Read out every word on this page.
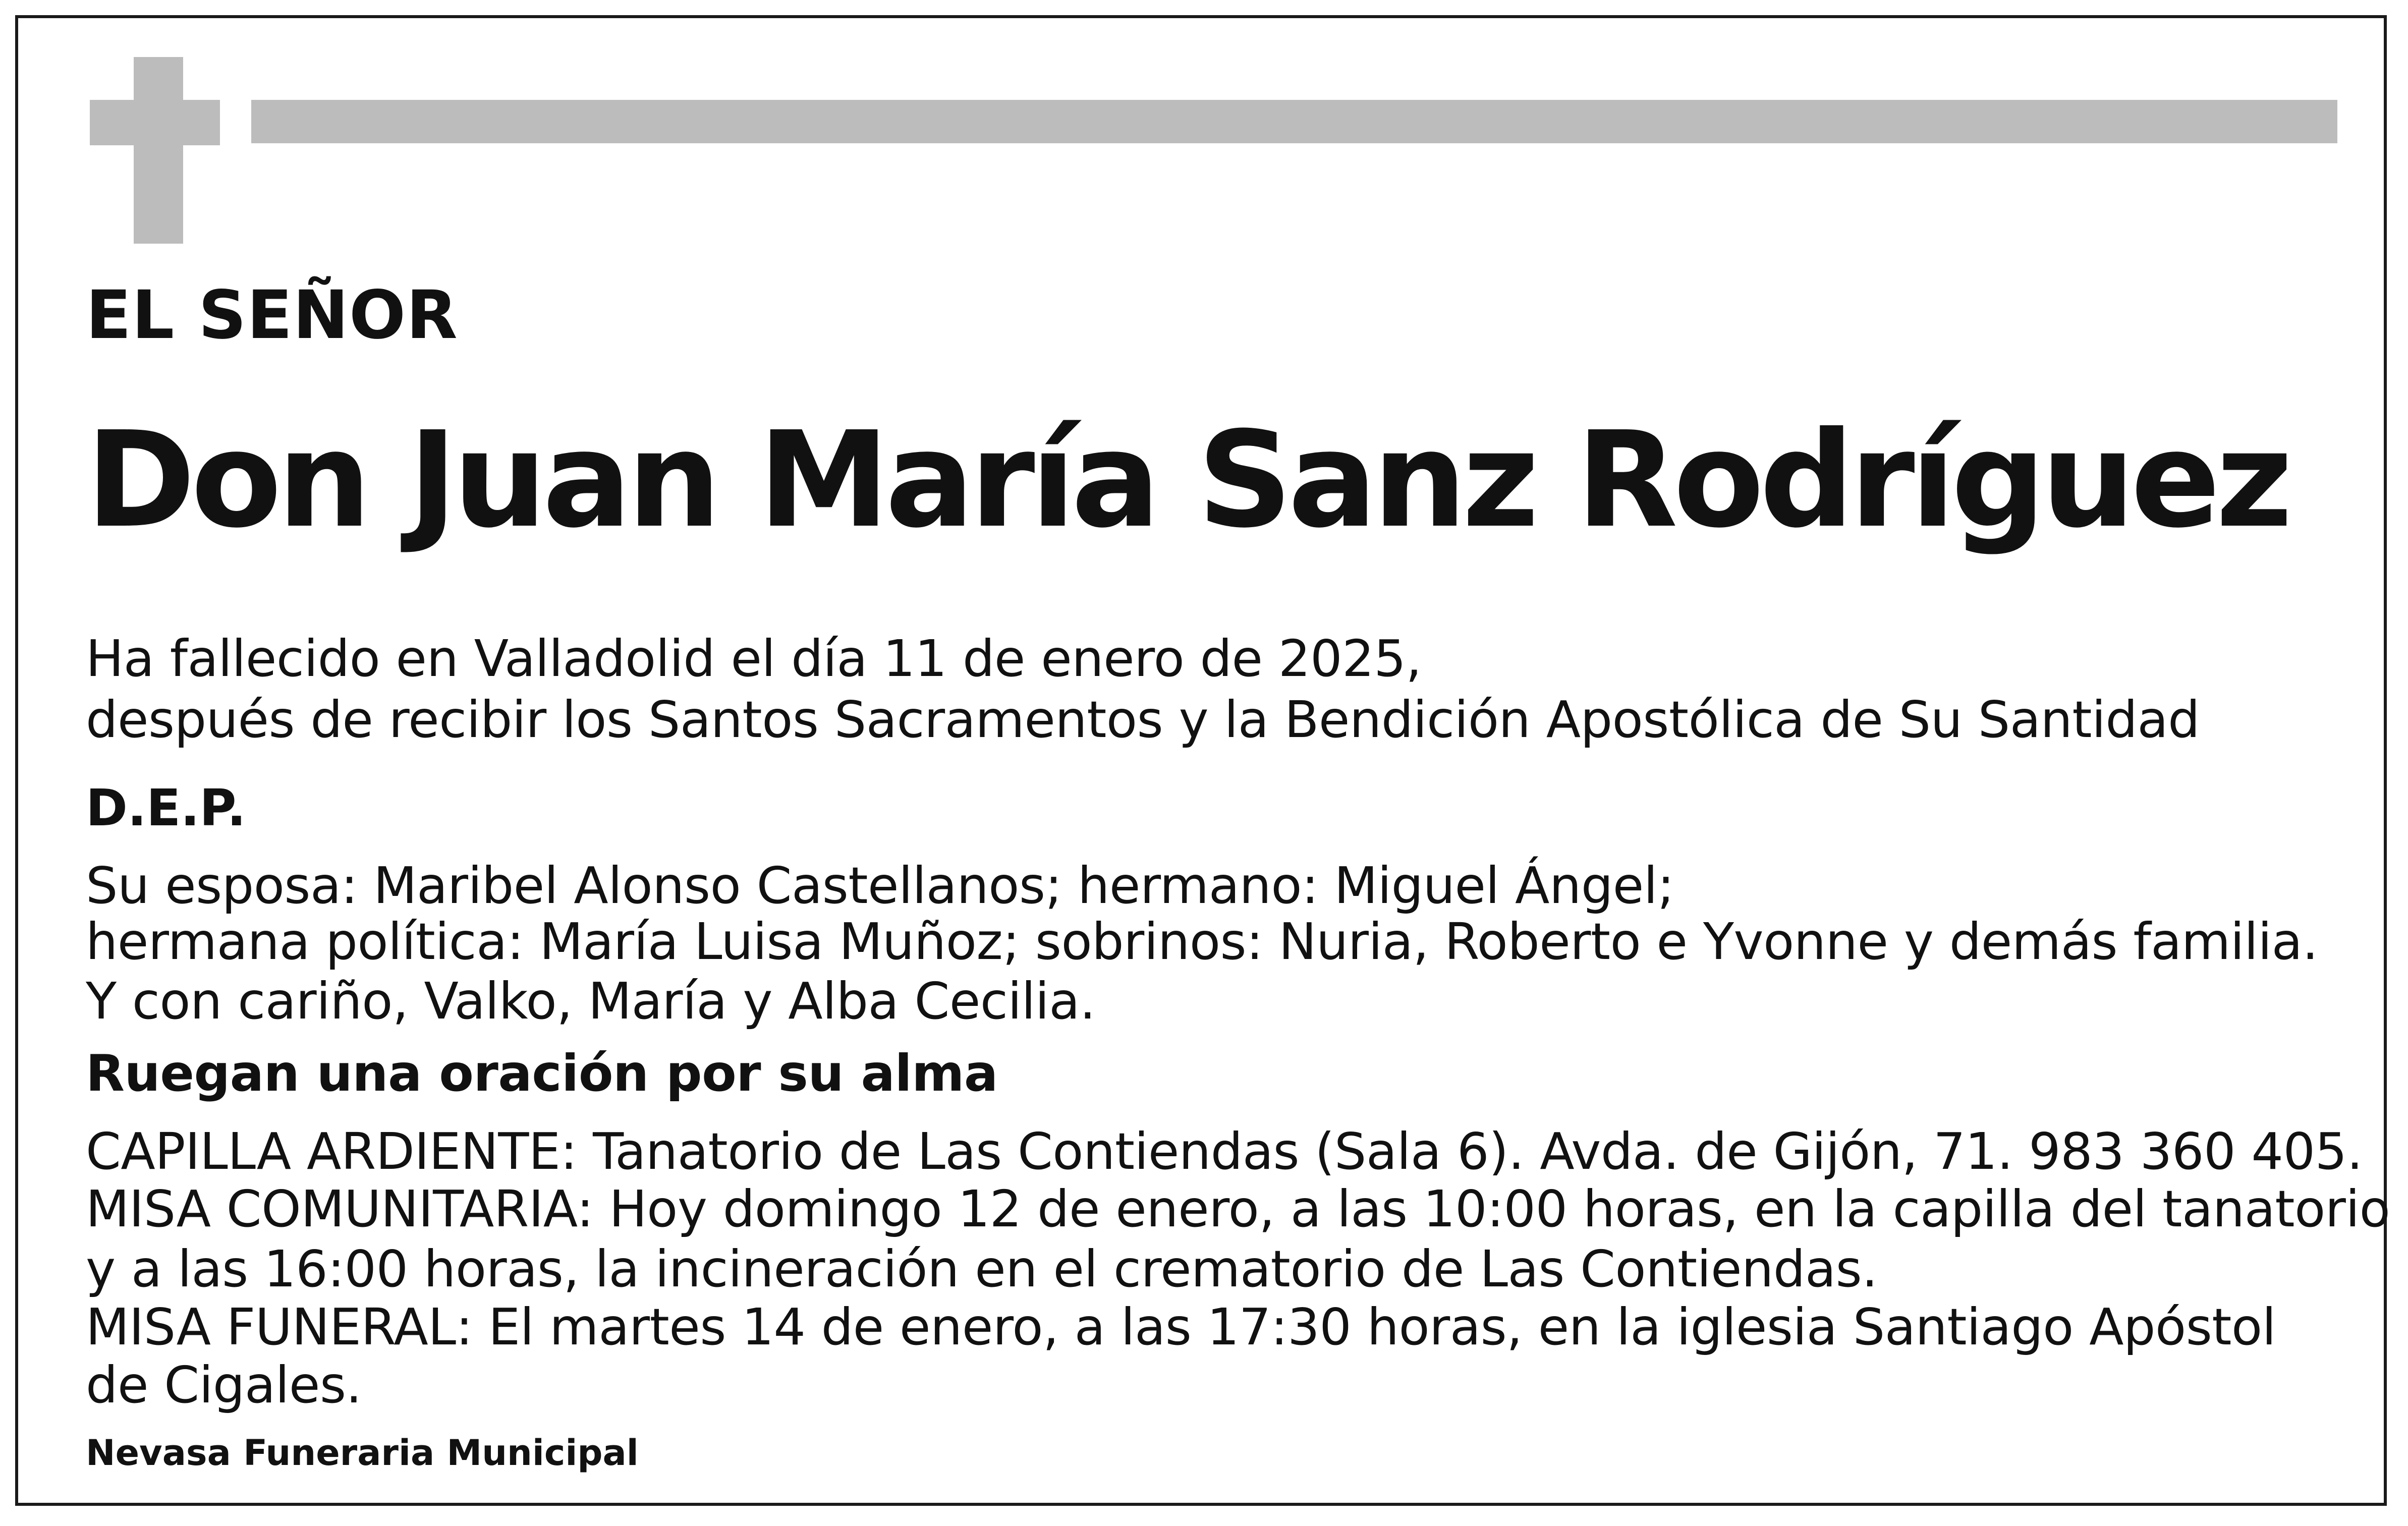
EL SEÑOR

Don Juan María Sanz Rodríguez

Ha fallecido en Valladolid el día 11 de enero de 2025,

después de recibir los Santos Sacramentos y la Bendición Apostólica de Su Santidad

D.E.P.

Su esposa: Maribel Alonso Castellanos; hermano: Miguel Ángel;

hermana política: María Luisa Muñoz; sobrinos: Nuria, Roberto e Yvonne y demás familia.

Y con cariño, Valko, María y Alba Cecilia.

Ruegan una oración por su alma

CAPILLA ARDIENTE: Tanatorio de Las Contiendas (Sala 6). Avda. de Gijón, 71. 983 360 405.

MISA COMUNITARIA: Hoy domingo 12 de enero, a las 10:00 horas, en la capilla del tanatorio

y a las 16:00 horas, la incineración en el crematorio de Las Contiendas.

MISA FUNERAL: El martes 14 de enero, a las 17:30 horas, en la iglesia Santiago Apóstol

de Cigales.

Nevasa Funeraria Municipal
